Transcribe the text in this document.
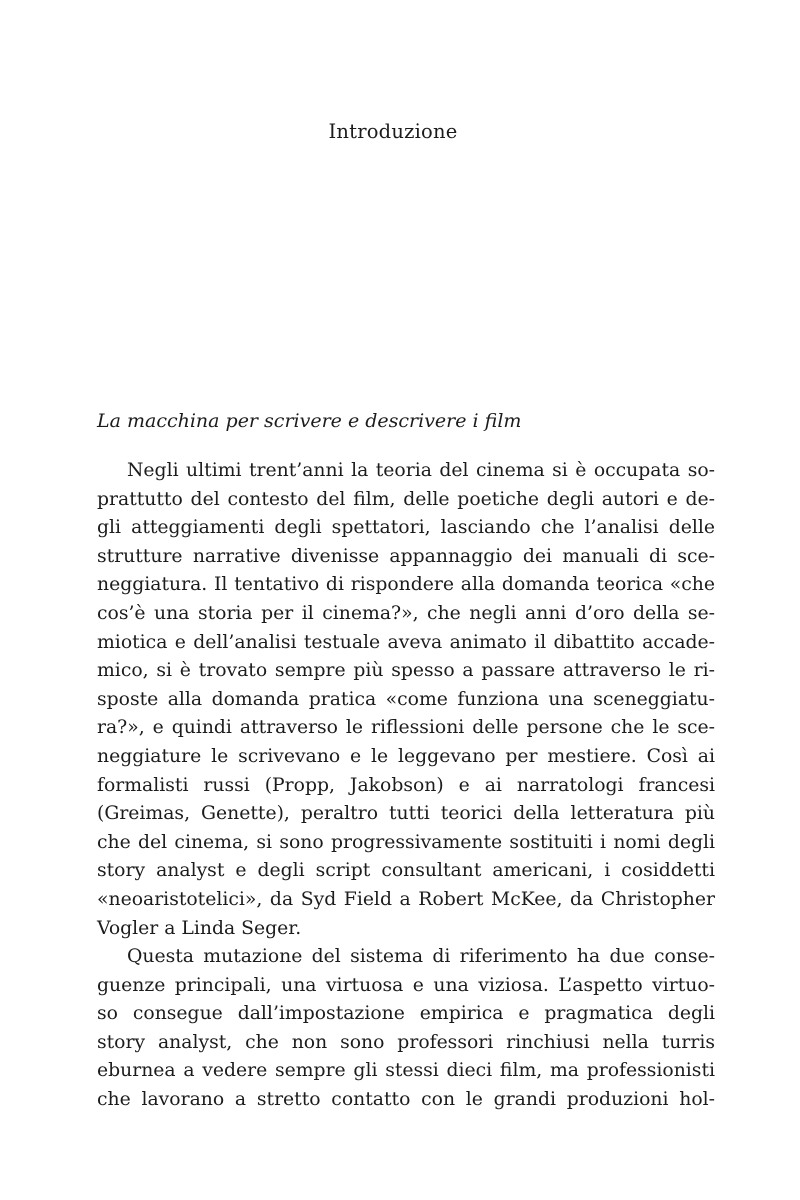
Introduzione
La macchina per scrivere e descrivere i film
Negli ultimi trent’anni la teoria del cinema si è occupata so-
prattutto del contesto del film, delle poetiche degli autori e de-
gli atteggiamenti degli spettatori, lasciando che l’analisi delle
strutture narrative divenisse appannaggio dei manuali di sce-
neggiatura. Il tentativo di rispondere alla domanda teorica «che
cos’è una storia per il cinema?», che negli anni d’oro della se-
miotica e dell’analisi testuale aveva animato il dibattito accade-
mico, si è trovato sempre più spesso a passare attraverso le ri-
sposte alla domanda pratica «come funziona una sceneggiatu-
ra?», e quindi attraverso le riflessioni delle persone che le sce-
neggiature le scrivevano e le leggevano per mestiere. Così ai
formalisti russi (Propp, Jakobson) e ai narratologi francesi
(Greimas, Genette), peraltro tutti teorici della letteratura più
che del cinema, si sono progressivamente sostituiti i nomi degli
story analyst e degli script consultant americani, i cosiddetti
«neoaristotelici», da Syd Field a Robert McKee, da Christopher
Vogler a Linda Seger.
Questa mutazione del sistema di riferimento ha due conse-
guenze principali, una virtuosa e una viziosa. L’aspetto virtuo-
so consegue dall’impostazione empirica e pragmatica degli
story analyst, che non sono professori rinchiusi nella turris
eburnea a vedere sempre gli stessi dieci film, ma professionisti
che lavorano a stretto contatto con le grandi produzioni hol-
